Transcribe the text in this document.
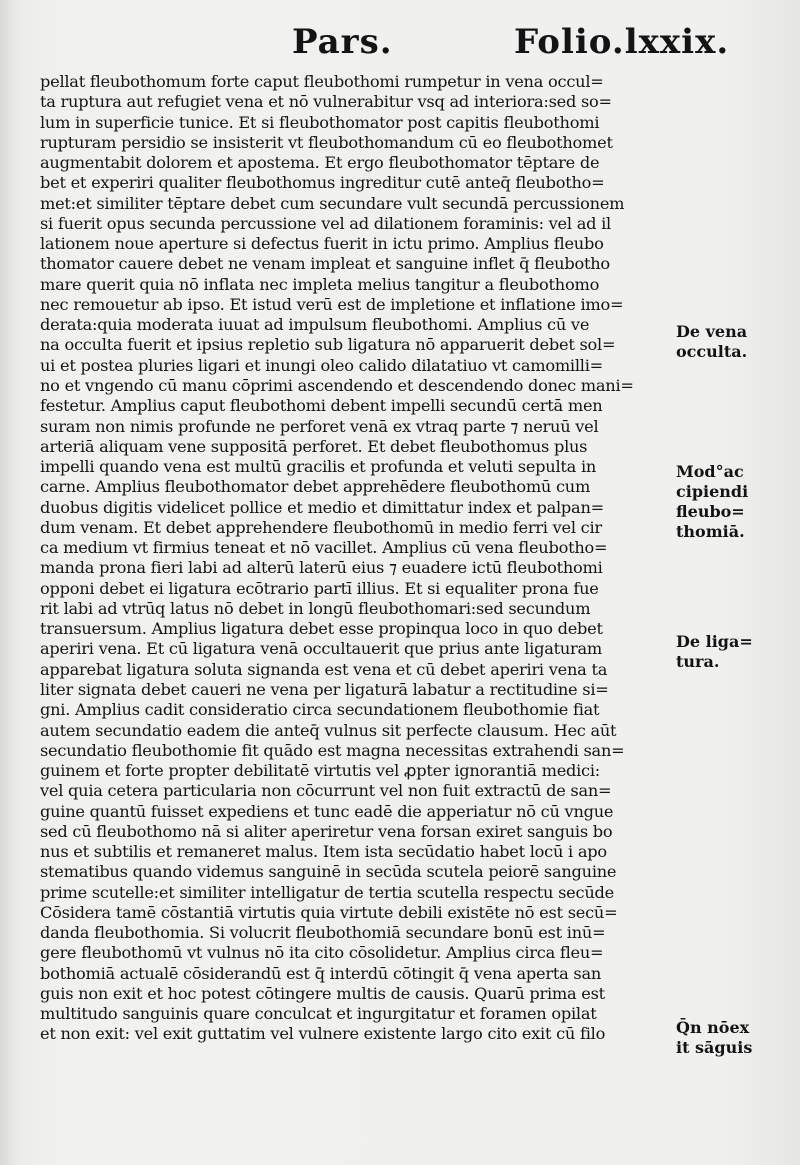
Pars.	Folio.lxxix.
pellat fleubothomum forte caput fleubothomi rumpetur in vena occul=
ta ruptura aut refugiet vena et nō vulnerabitur vsq ad interiora:sed so=
lum in superficie tunice. Et si fleubothomator post capitis fleubothomi
rupturam persidio se insisterit vt fleubothomandum cū eo fleubothomet
augmentabit dolorem et apostema. Et ergo fleubothomator tēptare de
bet et experiri qualiter fleubothomus ingreditur cutē anteq̄ fleubotho=
met:et similiter tēptare debet cum secundare vult secundā percussionem
si fuerit opus secunda percussione vel ad dilationem foraminis: vel ad il
lationem noue aperture si defectus fuerit in ictu primo. Amplius fleubo
thomator cauere debet ne venam impleat et sanguine inflet q̄ fleubotho
mare querit quia nō inflata nec impleta melius tangitur a fleubothomo
nec remouetur ab ipso. Et istud verū est de impletione et inflatione imo=
derata:quia moderata iuuat ad impulsum fleubothomi. Amplius cū ve
na occulta fuerit et ipsius repletio sub ligatura nō apparuerit debet sol=
ui et postea pluries ligari et inungi oleo calido dilatatiuo vt camomilli=
no et vngendo cū manu cōprimi ascendendo et descendendo donec mani=
festetur. Amplius caput fleubothomi debent impelli secundū certā men
suram non nimis profunde ne perforet venā ex vtraq parte ⁊ neruū vel
arteriā aliquam vene suppositā perforet. Et debet fleubothomus plus
impelli quando vena est multū gracilis et profunda et veluti sepulta in
carne. Amplius fleubothomator debet apprehēdere fleubothomū cum
duobus digitis videlicet pollice et medio et dimittatur index et palpan=
dum venam. Et debet apprehendere fleubothomū in medio ferri vel cir
ca medium vt firmius teneat et nō vacillet. Amplius cū vena fleubotho=
manda prona fieri labi ad alterū laterū eius ⁊ euadere ictū fleubothomi
opponi debet ei ligatura ecōtrario partī illius. Et si equaliter prona fue
rit labi ad vtrūq latus nō debet in longū fleubothomari:sed secundum
transuersum. Amplius ligatura debet esse propinqua loco in quo debet
aperiri vena. Et cū ligatura venā occultauerit que prius ante ligaturam
apparebat ligatura soluta signanda est vena et cū debet aperiri vena ta
liter signata debet caueri ne vena per ligaturā labatur a rectitudine si=
gni. Amplius cadit consideratio circa secundationem fleubothomie fiat
autem secundatio eadem die anteq̄ vulnus sit perfecte clausum. Hec aūt
secundatio fleubothomie fit quādo est magna necessitas extrahendi san=
guinem et forte propter debilitatē virtutis vel ꝓpter ignorantiā medici:
vel quia cetera particularia non cōcurrunt vel non fuit extractū de san=
guine quantū fuisset expediens et tunc eadē die apperiatur nō cū vngue
sed cū fleubothomo nā si aliter aperiretur vena forsan exiret sanguis bo
nus et subtilis et remaneret malus. Item ista secūdatio habet locū i apo
stematibus quando videmus sanguinē in secūda scutela peiorē sanguine
prime scutelle:et similiter intelligatur de tertia scutella respectu secūde
Cōsidera tamē cōstantiā virtutis quia virtute debili existēte nō est secū=
danda fleubothomia. Si volucrit fleubothomiā secundare bonū est inū=
gere fleubothomū vt vulnus nō ita cito cōsolidetur. Amplius circa fleu=
bothomiā actualē cōsiderandū est q̄ interdū cōtingit q̄ vena aperta san
guis non exit et hoc potest cōtingere multis de causis. Quarū prima est
multitudo sanguinis quare conculcat et ingurgitatur et foramen opilat
et non exit: vel exit guttatim vel vulnere existente largo cito exit cū filo
De vena
occulta.
Mod°ac
cipiendi
fleubo=
thomiā.
De liga=
tura.
Q̄n nōex
it sāguis
